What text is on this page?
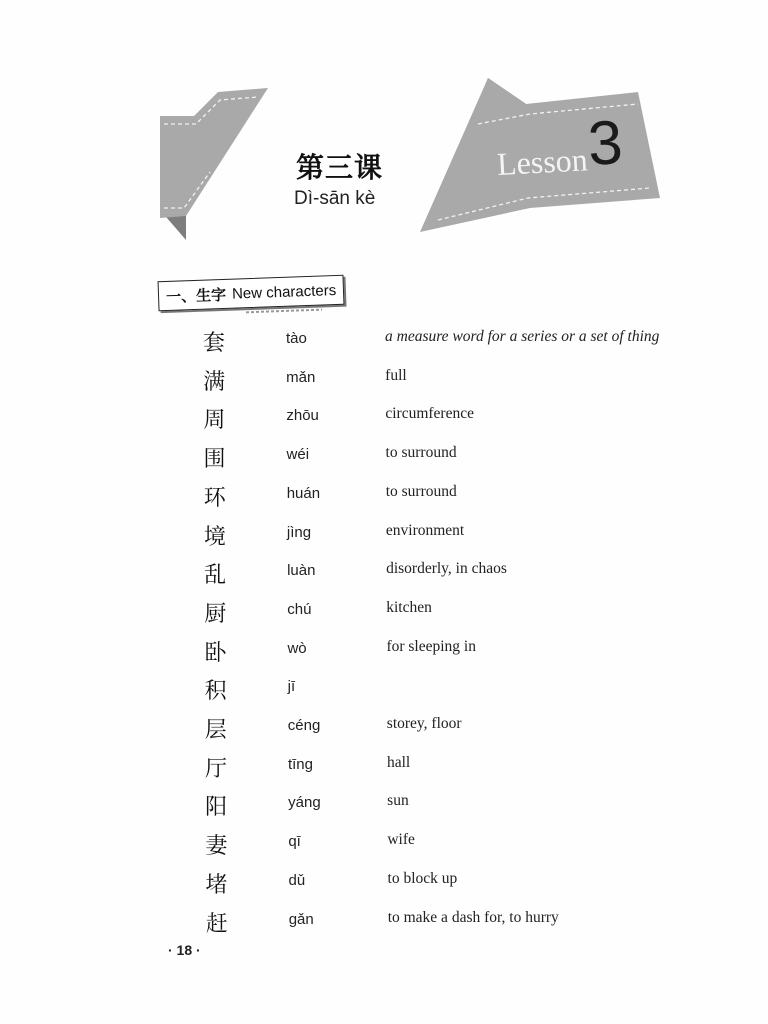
第三课
Dì-sān kè
Lesson
3
一、生字 New characters
套	tào	a measure word for a series or a set of thing
满	mǎn	full
周	zhōu	circumference
围	wéi	to surround
环	huán	to surround
境	jìng	environment
乱	luàn	disorderly, in chaos
厨	chú	kitchen
卧	wò	for sleeping in
积	jī
层	céng	storey, floor
厅	tīng	hall
阳	yáng	sun
妻	qī	wife
堵	dǔ	to block up
赶	gǎn	to make a dash for, to hurry
· 18 ·
